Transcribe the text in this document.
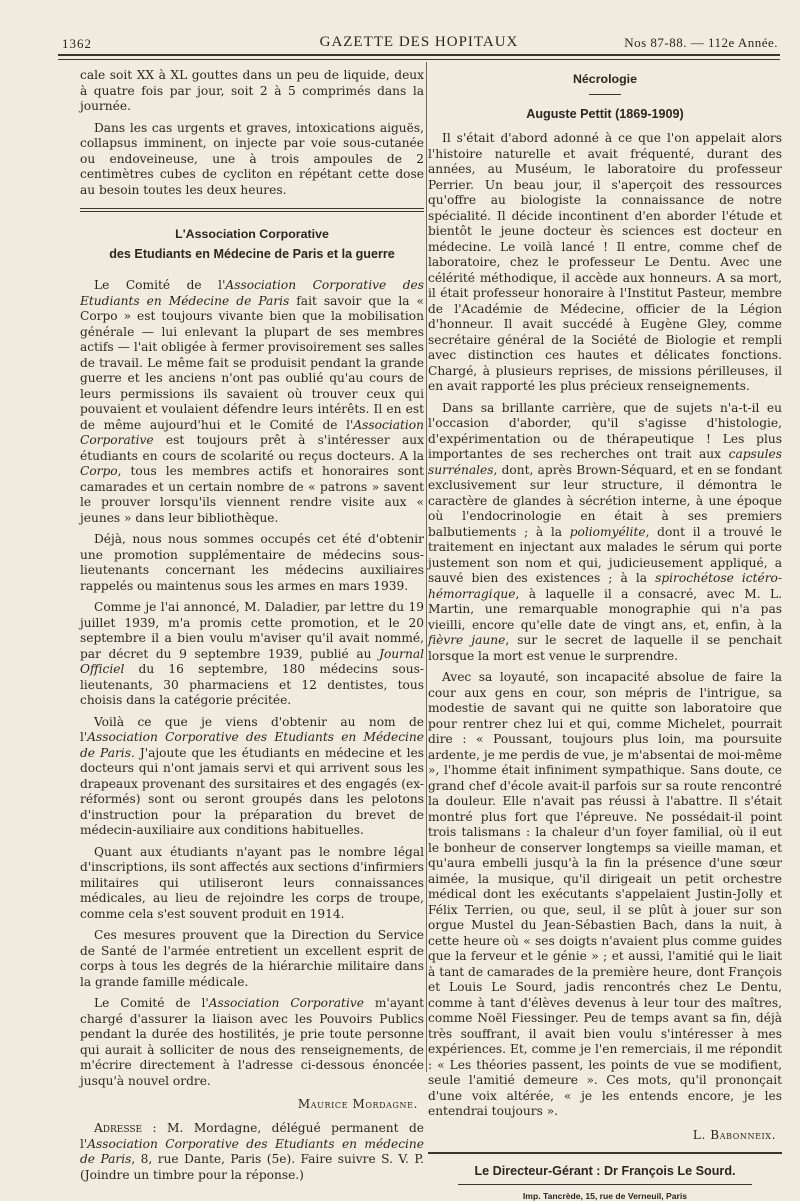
1362	GAZETTE DES HOPITAUX	Nos 87-88. — 112e Année.

cale soit XX à XL gouttes dans un peu de liquide, deux à quatre fois par jour, soit 2 à 5 comprimés dans la journée.

Dans les cas urgents et graves, intoxications aiguës, collapsus imminent, on injecte par voie sous-cutanée ou endoveineuse, une à trois ampoules de 2 centimètres cubes de cycliton en répétant cette dose au besoin toutes les deux heures.

L'Association Corporative
des Etudiants en Médecine de Paris et la guerre

Le Comité de l'Association Corporative des Etudiants en Médecine de Paris fait savoir que la « Corpo » est toujours vivante bien que la mobilisation générale — lui enlevant la plupart de ses membres actifs — l'ait obligée à fermer provisoirement ses salles de travail. Le même fait se produisit pendant la grande guerre et les anciens n'ont pas oublié qu'au cours de leurs permissions ils savaient où trouver ceux qui pouvaient et voulaient défendre leurs intérêts. Il en est de même aujourd'hui et le Comité de l'Association Corporative est toujours prêt à s'intéresser aux étudiants en cours de scolarité ou reçus docteurs. A la Corpo, tous les membres actifs et honoraires sont camarades et un certain nombre de « patrons » savent le prouver lorsqu'ils viennent rendre visite aux « jeunes » dans leur bibliothèque.

Déjà, nous nous sommes occupés cet été d'obtenir une promotion supplémentaire de médecins sous-lieutenants concernant les médecins auxiliaires rappelés ou maintenus sous les armes en mars 1939.

Comme je l'ai annoncé, M. Daladier, par lettre du 19 juillet 1939, m'a promis cette promotion, et le 20 septembre il a bien voulu m'aviser qu'il avait nommé, par décret du 9 septembre 1939, publié au Journal Officiel du 16 septembre, 180 médecins sous-lieutenants, 30 pharmaciens et 12 dentistes, tous choisis dans la catégorie précitée.

Voilà ce que je viens d'obtenir au nom de l'Association Corporative des Etudiants en Médecine de Paris. J'ajoute que les étudiants en médecine et les docteurs qui n'ont jamais servi et qui arrivent sous les drapeaux provenant des sursitaires et des engagés (ex-réformés) sont ou seront groupés dans les pelotons d'instruction pour la préparation du brevet de médecin-auxiliaire aux conditions habituelles.

Quant aux étudiants n'ayant pas le nombre légal d'inscriptions, ils sont affectés aux sections d'infirmiers militaires qui utiliseront leurs connaissances médicales, au lieu de rejoindre les corps de troupe, comme cela s'est souvent produit en 1914.

Ces mesures prouvent que la Direction du Service de Santé de l'armée entretient un excellent esprit de corps à tous les degrés de la hiérarchie militaire dans la grande famille médicale.

Le Comité de l'Association Corporative m'ayant chargé d'assurer la liaison avec les Pouvoirs Publics pendant la durée des hostilités, je prie toute personne qui aurait à solliciter de nous des renseignements, de m'écrire directement à l'adresse ci-dessous énoncée jusqu'à nouvel ordre.

Maurice Mordagne.

Adresse : M. Mordagne, délégué permanent de l'Association Corporative des Etudiants en médecine de Paris, 8, rue Dante, Paris (5e). Faire suivre S. V. P. (Joindre un timbre pour la réponse.)

Nécrologie
Auguste Pettit (1869-1909)

Il s'était d'abord adonné à ce que l'on appelait alors l'histoire naturelle et avait fréquenté, durant des années, au Muséum, le laboratoire du professeur Perrier. Un beau jour, il s'aperçoit des ressources qu'offre au biologiste la connaissance de notre spécialité. Il décide incontinent d'en aborder l'étude et bientôt le jeune docteur ès sciences est docteur en médecine. Le voilà lancé ! Il entre, comme chef de laboratoire, chez le professeur Le Dentu. Avec une célérité méthodique, il accède aux honneurs. A sa mort, il était professeur honoraire à l'Institut Pasteur, membre de l'Académie de Médecine, officier de la Légion d'honneur. Il avait succédé à Eugène Gley, comme secrétaire général de la Société de Biologie et rempli avec distinction ces hautes et délicates fonctions. Chargé, à plusieurs reprises, de missions périlleuses, il en avait rapporté les plus précieux renseignements.

Dans sa brillante carrière, que de sujets n'a-t-il eu l'occasion d'aborder, qu'il s'agisse d'histologie, d'expérimentation ou de thérapeutique ! Les plus importantes de ses recherches ont trait aux capsules surrénales, dont, après Brown-Séquard, et en se fondant exclusivement sur leur structure, il démontra le caractère de glandes à sécrétion interne, à une époque où l'endocrinologie en était à ses premiers balbutiements ; à la poliomyélite, dont il a trouvé le traitement en injectant aux malades le sérum qui porte justement son nom et qui, judicieusement appliqué, a sauvé bien des existences ; à la spirochétose ictéro-hémorragique, à laquelle il a consacré, avec M. L. Martin, une remarquable monographie qui n'a pas vieilli, encore qu'elle date de vingt ans, et, enfin, à la fièvre jaune, sur le secret de laquelle il se penchait lorsque la mort est venue le surprendre.

Avec sa loyauté, son incapacité absolue de faire la cour aux gens en cour, son mépris de l'intrigue, sa modestie de savant qui ne quitte son laboratoire que pour rentrer chez lui et qui, comme Michelet, pourrait dire : « Poussant, toujours plus loin, ma poursuite ardente, je me perdis de vue, je m'absentai de moi-même », l'homme était infiniment sympathique. Sans doute, ce grand chef d'école avait-il parfois sur sa route rencontré la douleur. Elle n'avait pas réussi à l'abattre. Il s'était montré plus fort que l'épreuve. Ne possédait-il point trois talismans : la chaleur d'un foyer familial, où il eut le bonheur de conserver longtemps sa vieille maman, et qu'aura embelli jusqu'à la fin la présence d'une sœur aimée, la musique, qu'il dirigeait un petit orchestre médical dont les exécutants s'appelaient Justin-Jolly et Félix Terrien, ou que, seul, il se plût à jouer sur son orgue Mustel du Jean-Sébastien Bach, dans la nuit, à cette heure où « ses doigts n'avaient plus comme guides que la ferveur et le génie » ; et aussi, l'amitié qui le liait à tant de camarades de la première heure, dont François et Louis Le Sourd, jadis rencontrés chez Le Dentu, comme à tant d'élèves devenus à leur tour des maîtres, comme Noël Fiessinger. Peu de temps avant sa fin, déjà très souffrant, il avait bien voulu s'intéresser à mes expériences. Et, comme je l'en remerciais, il me répondit : « Les théories passent, les points de vue se modifient, seule l'amitié demeure ». Ces mots, qu'il prononçait d'une voix altérée, « je les entends encore, je les entendrai toujours ».

L. Babonneix.
Le Directeur-Gérant : Dr François Le Sourd.
Imp. Tancrède, 15, rue de Verneuil, Paris
